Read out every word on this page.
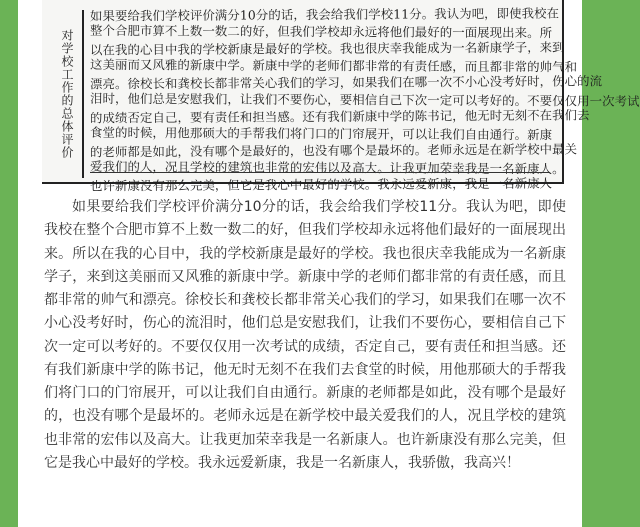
对学校工作的总体评价
如果要给我们学校评价满分10分的话，我会给我们学校11分。我认为吧，即使我校在
整个合肥市算不上数一数二的好，但我们学校却永远将他们最好的一面展现出来。所
以在我的心目中我的学校新康是最好的学校。我也很庆幸我能成为一名新康学子，来到
这美丽而又风雅的新康中学。新康中学的老师们都非常的有责任感，而且都非常的帅气和
漂亮。徐校长和龚校长都非常关心我们的学习，如果我们在哪一次不小心没考好时，伤心的流
泪时，他们总是安慰我们，让我们不要伤心，要相信自己下次一定可以考好的。不要仅仅用一次考试
的成绩否定自己，要有责任和担当感。还有我们新康中学的陈书记，他无时无刻不在我们去
食堂的时候，用他那硕大的手帮我们将门口的门帘展开，可以让我们自由通行。新康
的老师都是如此，没有哪个是最好的，也没有哪个是最坏的。老师永远是在新学校中最关
爱我们的人，况且学校的建筑也非常的宏伟以及高大。让我更加荣幸我是一名新康人。
也许新康没有那么完美，但它是我心中最好的学校。我永远爱新康，我是一名新康人

如果要给我们学校评价满分10分的话，我会给我们学校11分。我认为吧，即使我校在整个合肥市算不上数一数二的好，但我们学校却永远将他们最好的一面展现出来。所以在我的心目中，我的学校新康是最好的学校。我也很庆幸我能成为一名新康学子，来到这美丽而又风雅的新康中学。新康中学的老师们都非常的有责任感，而且都非常的帅气和漂亮。徐校长和龚校长都非常关心我们的学习，如果我们在哪一次不小心没考好时，伤心的流泪时，他们总是安慰我们，让我们不要伤心，要相信自己下次一定可以考好的。不要仅仅用一次考试的成绩，否定自己，要有责任和担当感。还有我们新康中学的陈书记，他无时无刻不在我们去食堂的时候，用他那硕大的手帮我们将门口的门帘展开，可以让我们自由通行。新康的老师都是如此，没有哪个是最好的，也没有哪个是最坏的。老师永远是在新学校中最关爱我们的人，况且学校的建筑也非常的宏伟以及高大。让我更加荣幸我是一名新康人。也许新康没有那么完美，但它是我心中最好的学校。我永远爱新康，我是一名新康人，我骄傲，我高兴！
